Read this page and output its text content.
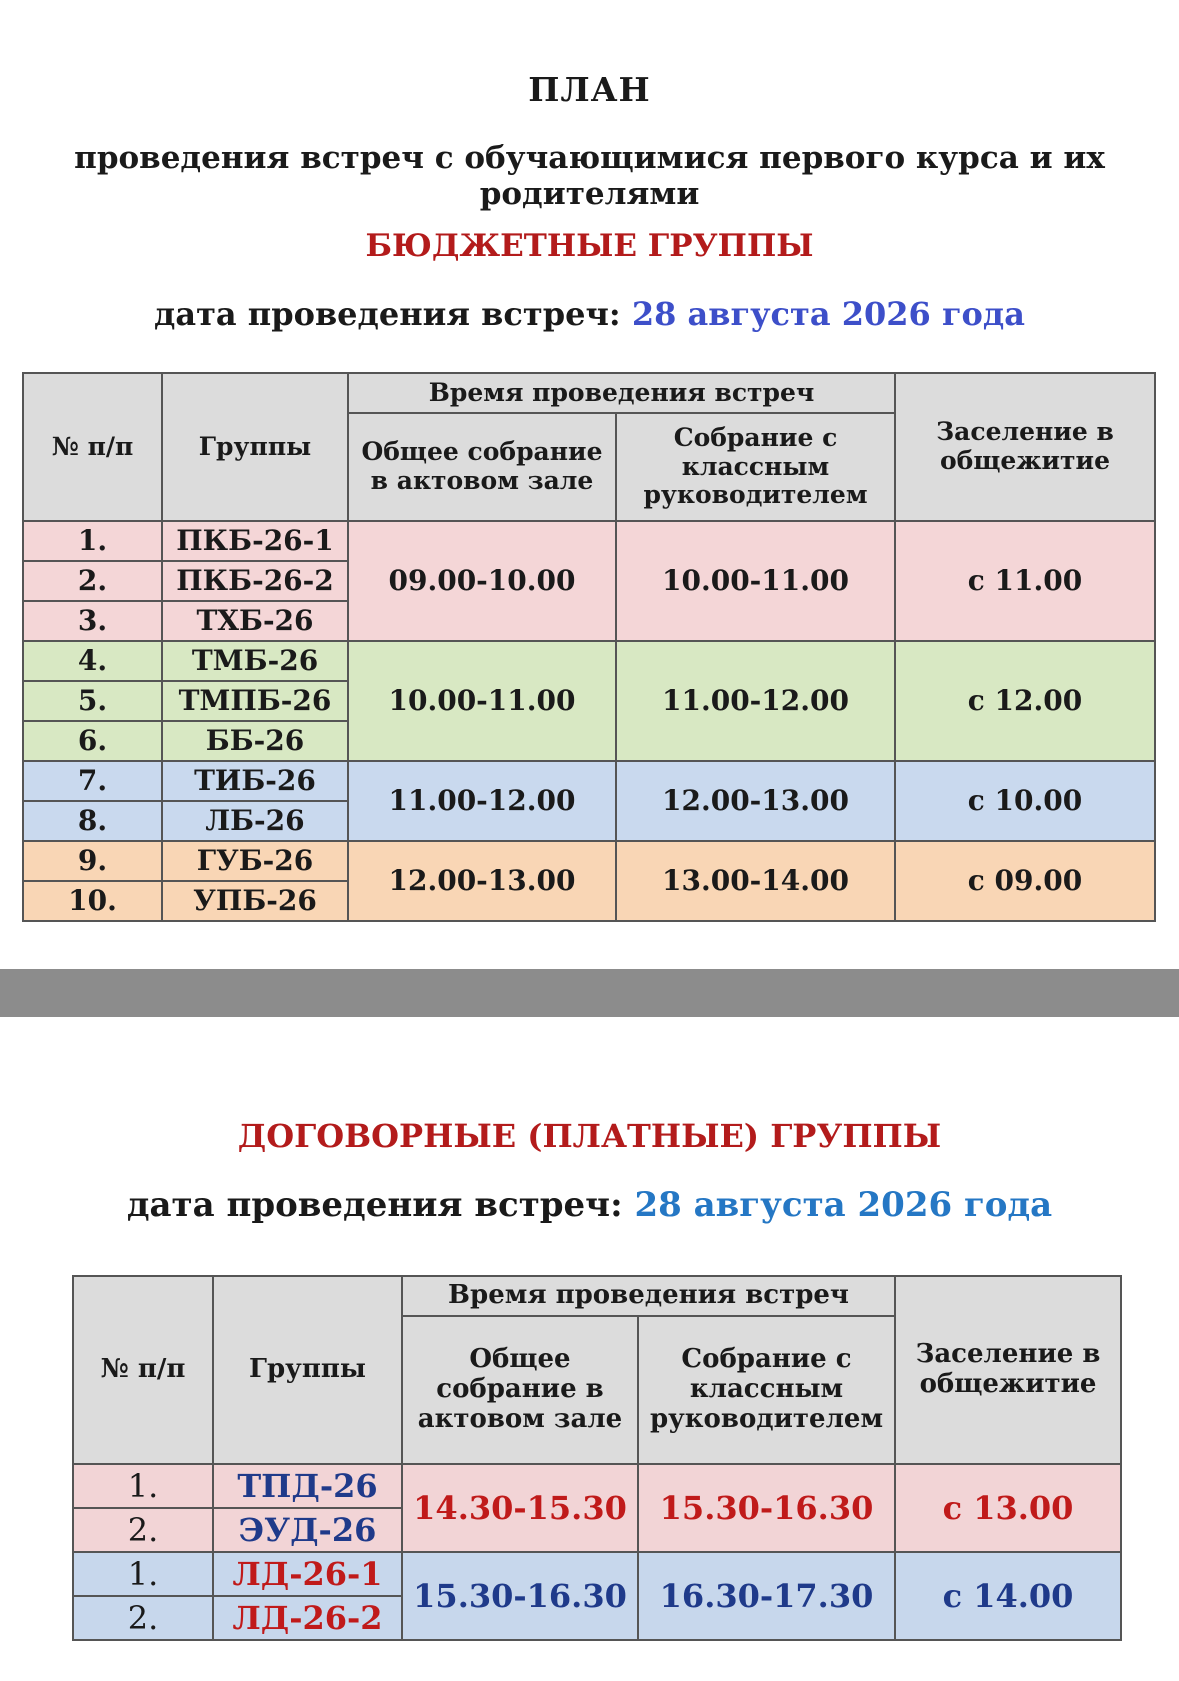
ПЛАН
проведения встреч с обучающимися первого курса и их родителями
БЮДЖЕТНЫЕ ГРУППЫ
дата проведения встреч: 28 августа 2026 года
№ п/п	Группы	Время проведения встреч		Заселение в общежитие
		Общее собрание в актовом зале	Собрание с классным руководителем	
1.	ПКБ-26-1	09.00-10.00	10.00-11.00	с 11.00
2.	ПКБ-26-2			
3.	ТХБ-26			
4.	ТМБ-26	10.00-11.00	11.00-12.00	с 12.00
5.	ТМПБ-26			
6.	ББ-26			
7.	ТИБ-26	11.00-12.00	12.00-13.00	с 10.00
8.	ЛБ-26			
9.	ГУБ-26	12.00-13.00	13.00-14.00	с 09.00
10.	УПБ-26			
ДОГОВОРНЫЕ (ПЛАТНЫЕ) ГРУППЫ
дата проведения встреч: 28 августа 2026 года
№ п/п	Группы	Время проведения встреч		Заселение в общежитие
		Общее собрание в актовом зале	Собрание с классным руководителем	
1.	ТПД-26	14.30-15.30	15.30-16.30	с 13.00
2.	ЭУД-26			
1.	ЛД-26-1	15.30-16.30	16.30-17.30	с 14.00
2.	ЛД-26-2			
